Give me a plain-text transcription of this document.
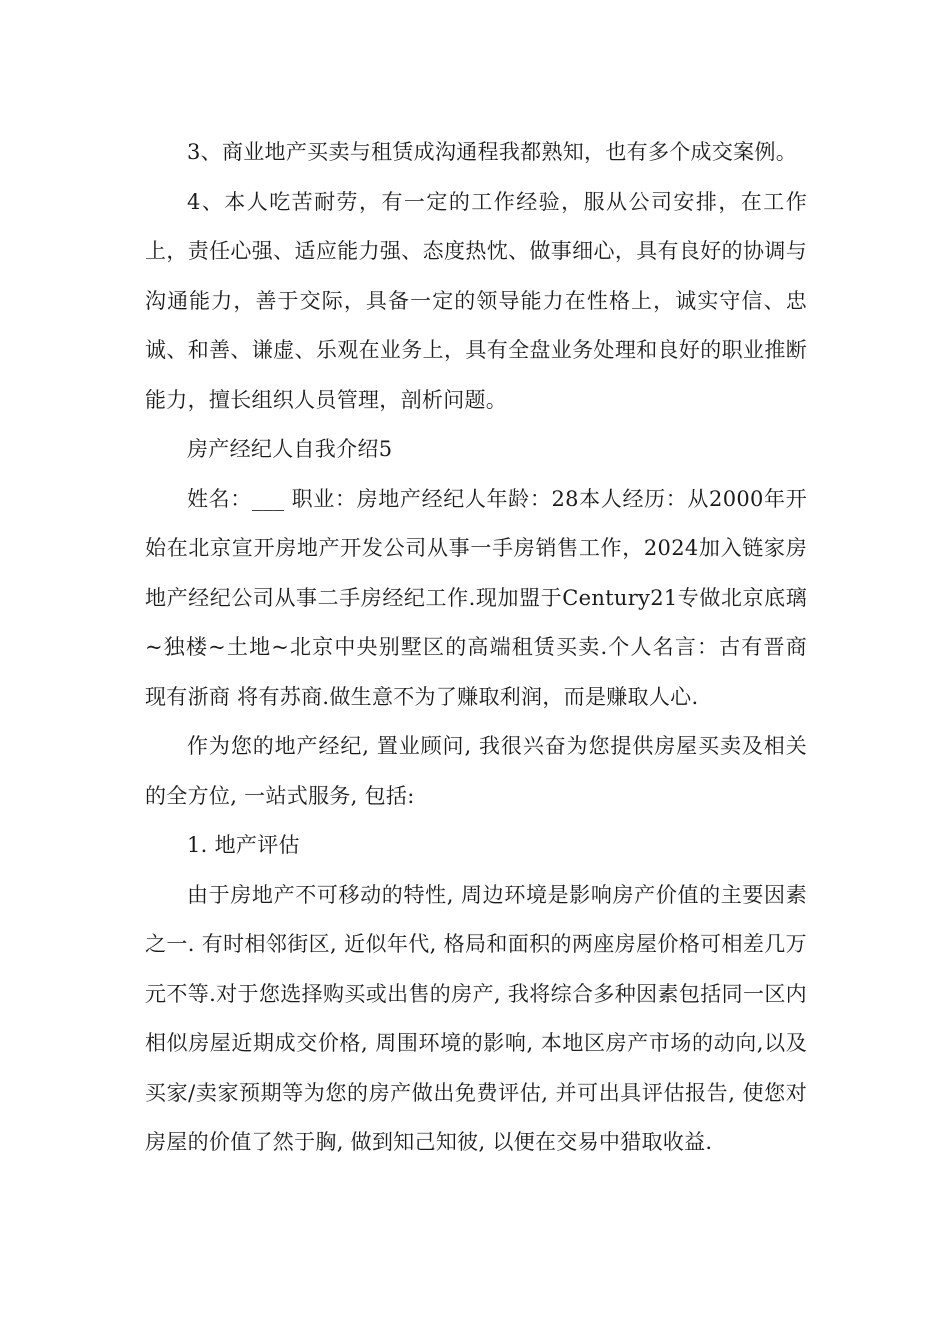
3、商业地产买卖与租赁成沟通程我都熟知，也有多个成交案例。

4、本人吃苦耐劳，有一定的工作经验，服从公司安排，在工作上，责任心强、适应能力强、态度热忱、做事细心，具有良好的协调与沟通能力，善于交际，具备一定的领导能力在性格上，诚实守信、忠诚、和善、谦虚、乐观在业务上，具有全盘业务处理和良好的职业推断能力，擅长组织人员管理，剖析问题。

房产经纪人自我介绍5

姓名：___ 职业：房地产经纪人年龄：28本人经历：从2000年开始在北京宣开房地产开发公司从事一手房销售工作，2024加入链家房地产经纪公司从事二手房经纪工作.现加盟于Century21专做北京底璃~独楼~土地~北京中央别墅区的高端租赁买卖.个人名言：古有晋商 现有浙商 将有苏商.做生意不为了赚取利润，而是赚取人心.

作为您的地产经纪, 置业顾问, 我很兴奋为您提供房屋买卖及相关的全方位, 一站式服务, 包括:

1. 地产评估

由于房地产不可移动的特性, 周边环境是影响房产价值的主要因素之一. 有时相邻街区, 近似年代, 格局和面积的两座房屋价格可相差几万元不等.对于您选择购买或出售的房产, 我将综合多种因素包括同一区内相似房屋近期成交价格, 周围环境的影响, 本地区房产市场的动向,以及买家/卖家预期等为您的房产做出免费评估, 并可出具评估报告, 使您对房屋的价值了然于胸, 做到知己知彼, 以便在交易中猎取收益.
